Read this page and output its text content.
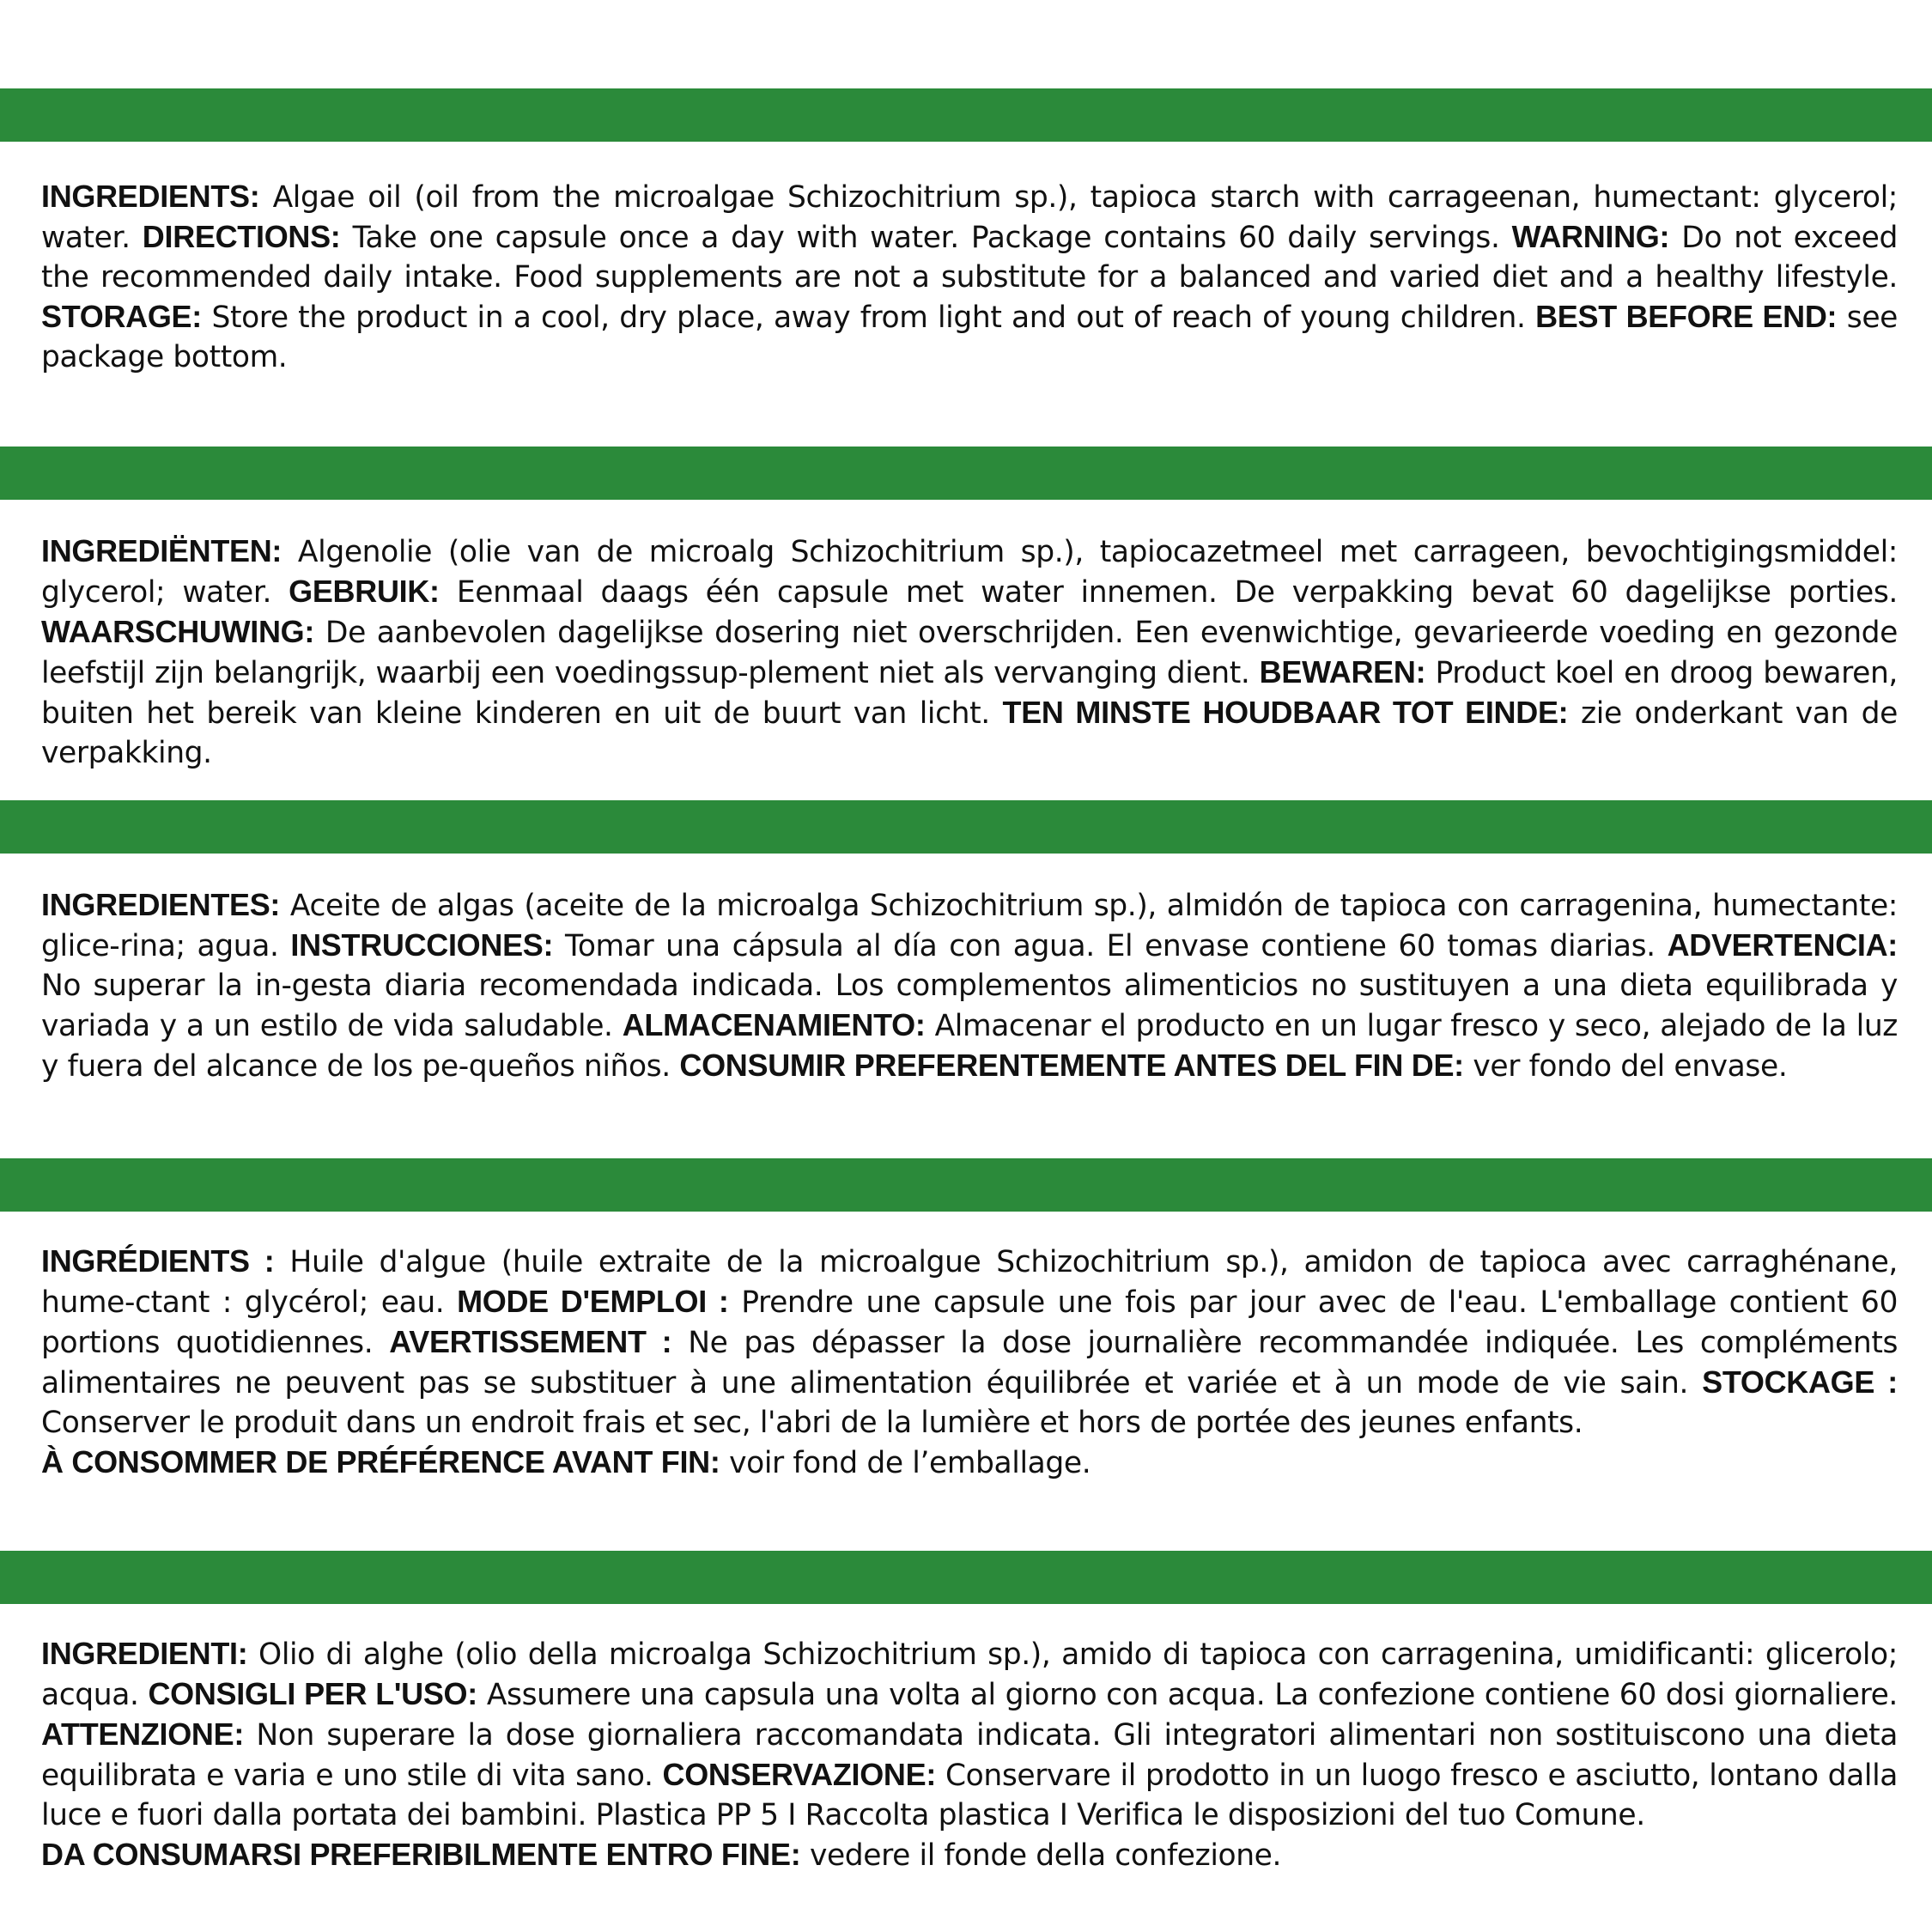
INGREDIENTS: Algae oil (oil from the microalgae Schizochitrium sp.), tapioca starch with carrageenan, humectant: glycerol; water. DIRECTIONS: Take one capsule once a day with water. Package contains 60 daily servings. WARNING: Do not exceed the recommended daily intake. Food supplements are not a substitute for a balanced and varied diet and a healthy lifestyle. STORAGE: Store the product in a cool, dry place, away from light and out of reach of young children. BEST BEFORE END: see package bottom.
INGREDIËNTEN: Algenolie (olie van de microalg Schizochitrium sp.), tapiocazetmeel met carrageen, bevochtigingsmiddel: glycerol; water. GEBRUIK: Eenmaal daags één capsule met water innemen. De verpakking bevat 60 dagelijkse porties. WAARSCHUWING: De aanbevolen dagelijkse dosering niet overschrijden. Een evenwichtige, gevarieerde voeding en gezonde leefstijl zijn belangrijk, waarbij een voedingssup-plement niet als vervanging dient. BEWAREN: Product koel en droog bewaren, buiten het bereik van kleine kinderen en uit de buurt van licht. TEN MINSTE HOUDBAAR TOT EINDE: zie onderkant van de verpakking.
INGREDIENTES: Aceite de algas (aceite de la microalga Schizochitrium sp.), almidón de tapioca con carragenina, humectante: glice-rina; agua. INSTRUCCIONES: Tomar una cápsula al día con agua. El envase contiene 60 tomas diarias. ADVERTENCIA: No superar la in-gesta diaria recomendada indicada. Los complementos alimenticios no sustituyen a una dieta equilibrada y variada y a un estilo de vida saludable. ALMACENAMIENTO: Almacenar el producto en un lugar fresco y seco, alejado de la luz y fuera del alcance de los pe-queños niños. CONSUMIR PREFERENTEMENTE ANTES DEL FIN DE: ver fondo del envase.
INGRÉDIENTS : Huile d'algue (huile extraite de la microalgue Schizochitrium sp.), amidon de tapioca avec carraghénane, hume-ctant : glycérol; eau. MODE D'EMPLOI : Prendre une capsule une fois par jour avec de l'eau. L'emballage contient 60 portions quotidiennes. AVERTISSEMENT : Ne pas dépasser la dose journalière recommandée indiquée. Les compléments alimentaires ne peuvent pas se substituer à une alimentation équilibrée et variée et à un mode de vie sain. STOCKAGE : Conserver le produit dans un endroit frais et sec, l'abri de la lumière et hors de portée des jeunes enfants.
À CONSOMMER DE PRÉFÉRENCE AVANT FIN: voir fond de l’emballage.
INGREDIENTI: Olio di alghe (olio della microalga Schizochitrium sp.), amido di tapioca con carragenina, umidificanti: glicerolo; acqua. CONSIGLI PER L'USO: Assumere una capsula una volta al giorno con acqua. La confezione contiene 60 dosi giornaliere. ATTENZIONE: Non superare la dose giornaliera raccomandata indicata. Gli integratori alimentari non sostituiscono una dieta equilibrata e varia e uno stile di vita sano. CONSERVAZIONE: Conservare il prodotto in un luogo fresco e asciutto, lontano dalla luce e fuori dalla portata dei bambini. Plastica PP 5 I Raccolta plastica I Verifica le disposizioni del tuo Comune.
DA CONSUMARSI PREFERIBILMENTE ENTRO FINE: vedere il fonde della confezione.
